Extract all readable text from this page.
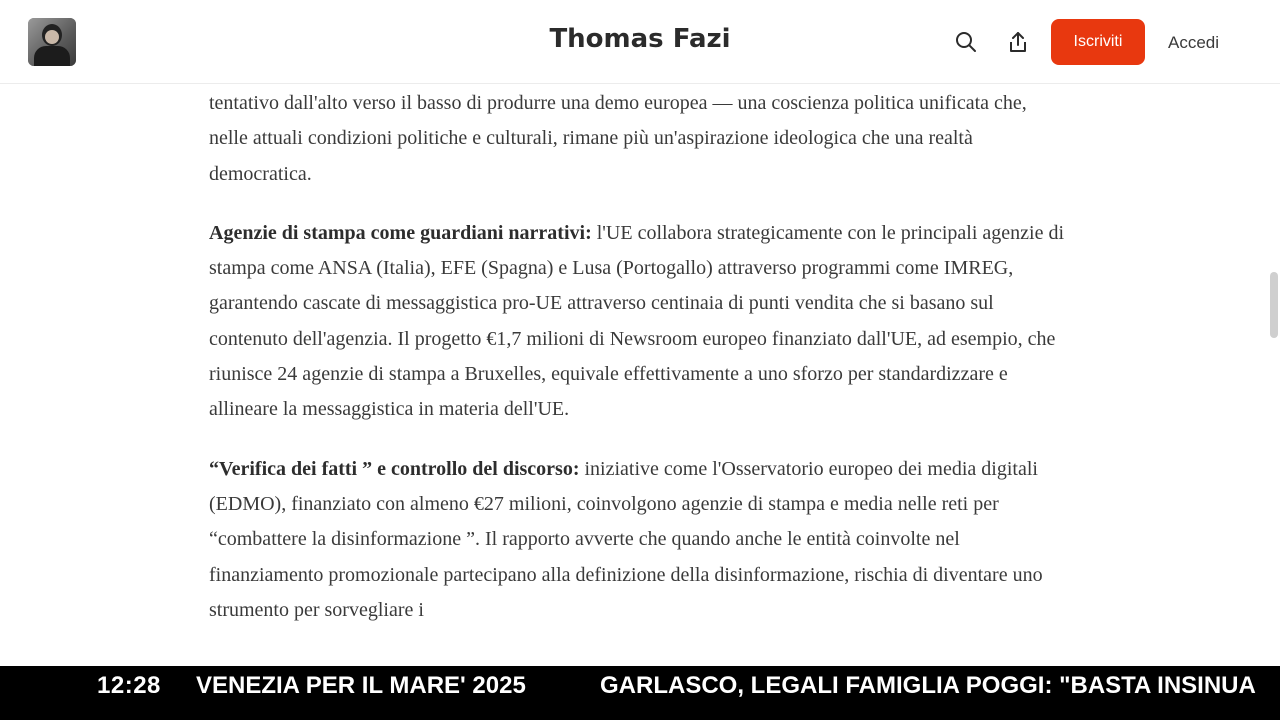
Thomas Fazi	Iscriviti	Accedi

tentativo dall'alto verso il basso di produrre una demo europea — una coscienza politica unificata che, nelle attuali condizioni politiche e culturali, rimane più un'aspirazione ideologica che una realtà democratica.

Agenzie di stampa come guardiani narrativi: l'UE collabora strategicamente con le principali agenzie di stampa come ANSA (Italia), EFE (Spagna) e Lusa (Portogallo) attraverso programmi come IMREG, garantendo cascate di messaggistica pro-UE attraverso centinaia di punti vendita che si basano sul contenuto dell'agenzia. Il progetto €1,7 milioni di Newsroom europeo finanziato dall'UE, ad esempio, che riunisce 24 agenzie di stampa a Bruxelles, equivale effettivamente a uno sforzo per standardizzare e allineare la messaggistica in materia dell'UE.

“Verifica dei fatti ” e controllo del discorso: iniziative come l'Osservatorio europeo dei media digitali (EDMO), finanziato con almeno €27 milioni, coinvolgono agenzie di stampa e media nelle reti per “combattere la disinformazione ”. Il rapporto avverte che quando anche le entità coinvolte nel finanziamento promozionale partecipano alla definizione della disinformazione, rischia di diventare uno strumento per sorvegliare i

12:28 VENEZIA PER IL MARE' 2025	GARLASCO, LEGALI FAMIGLIA POGGI: "BASTA INSINUA
